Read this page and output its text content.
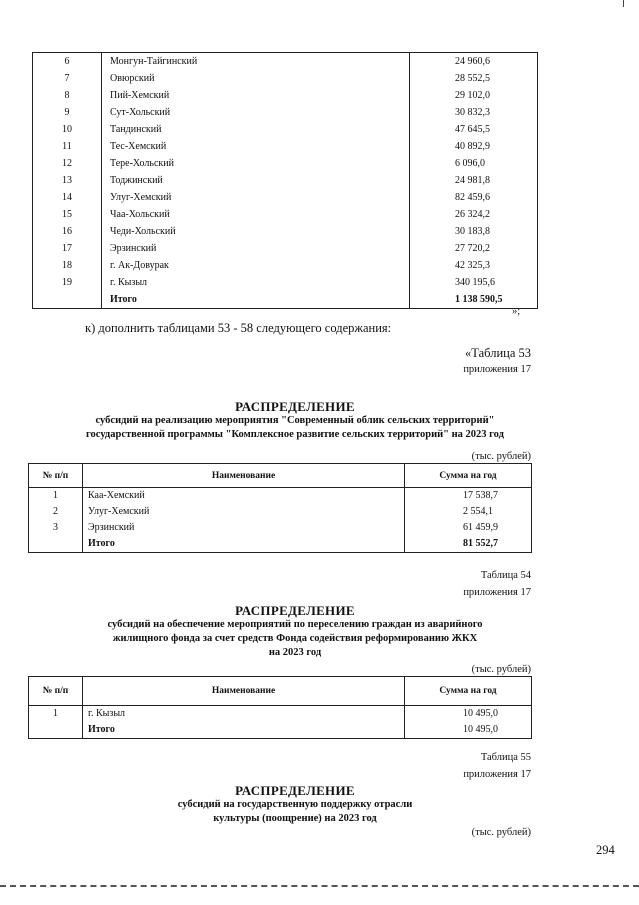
6	Монгун-Тайгинский	24 960,6
7	Овюрский	28 552,5
8	Пий-Хемский	29 102,0
9	Сут-Хольский	30 832,3
10	Тандинский	47 645,5
11	Тес-Хемский	40 892,9
12	Тере-Хольский	6 096,0
13	Тоджинский	24 981,8
14	Улуг-Хемский	82 459,6
15	Чаа-Хольский	26 324,2
16	Чеди-Хольский	30 183,8
17	Эрзинский	27 720,2
18	г. Ак-Довурак	42 325,3
19	г. Кызыл	340 195,6
	Итого	1 138 590,5
»;
к) дополнить таблицами 53 - 58 следующего содержания:
«Таблица 53
приложения 17
РАСПРЕДЕЛЕНИЕ
субсидий на реализацию мероприятия "Современный облик сельских территорий"
государственной программы "Комплексное развитие сельских территорий" на 2023 год
(тыс. рублей)
№ п/п	Наименование	Сумма на год
1	Каа-Хемский	17 538,7
2	Улуг-Хемский	2 554,1
3	Эрзинский	61 459,9
	Итого	81 552,7
Таблица 54
приложения 17
РАСПРЕДЕЛЕНИЕ
субсидий на обеспечение мероприятий по переселению граждан из аварийного
жилищного фонда за счет средств Фонда содействия реформированию ЖКХ
на 2023 год
(тыс. рублей)
№ п/п	Наименование	Сумма на год
1	г. Кызыл	10 495,0
	Итого	10 495,0
Таблица 55
приложения 17
РАСПРЕДЕЛЕНИЕ
субсидий на государственную поддержку отрасли
культуры (поощрение) на 2023 год
(тыс. рублей)
294
